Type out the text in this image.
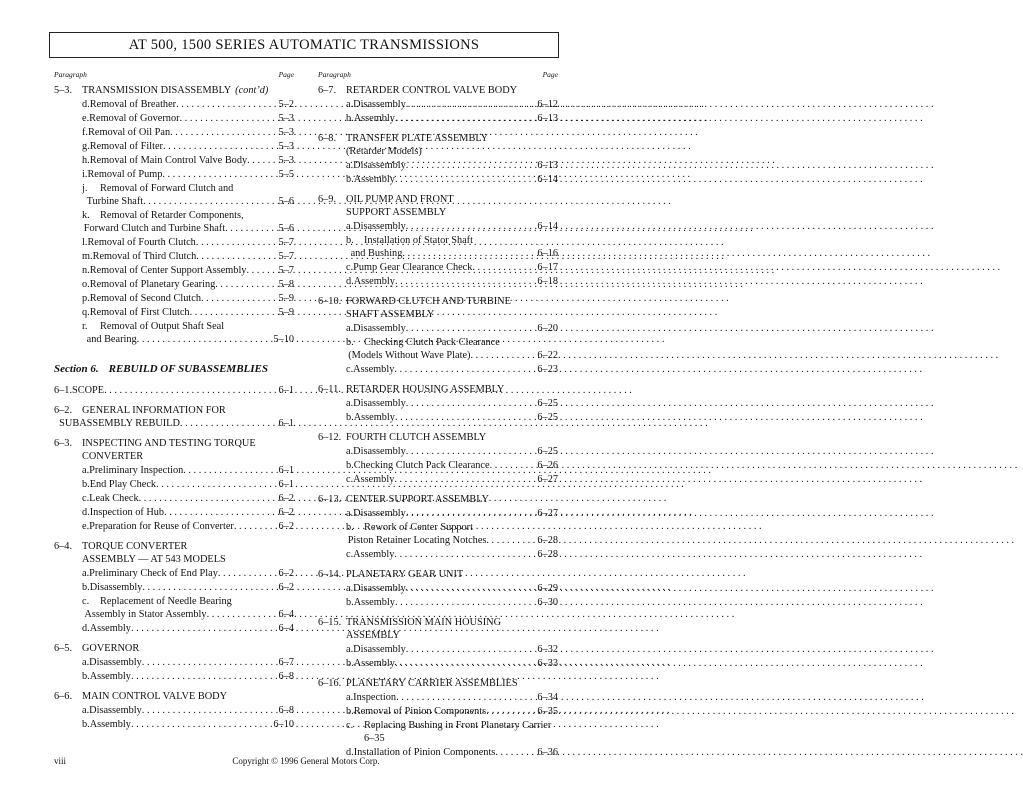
AT 500, 1500 SERIES AUTOMATIC TRANSMISSIONS
Paragraph	Page	Paragraph	Page
5–3. TRANSMISSION DISASSEMBLY (cont’d)
d. Removal of Breather . . .	5–2
e. Removal of Governor . . .	5–3
f. Removal of Oil Pan . . .	5–3
g. Removal of Filter . . .	5–3
h. Removal of Main Control Valve Body . . .	5–3
i. Removal of Pump . . .	5–5
j.	Removal of Forward Clutch and
Turbine Shaft . . .	5–6
k. Removal of Retarder Components,
Forward Clutch and Turbine Shaft . . .	5–6
l. Removal of Fourth Clutch . . .	5–7
m. Removal of Third Clutch . . .	5–7
n. Removal of Center Support Assembly . . .	5–7
o. Removal of Planetary Gearing . . .	5–8
p. Removal of Second Clutch . . .	5–9
q. Removal of First Clutch . . .	5–9
r.	Removal of Output Shaft Seal
and Bearing . . .	5–10
Section 6. REBUILD OF SUBASSEMBLIES
6–1. SCOPE . . .	6–1
6–2. GENERAL INFORMATION FOR
SUBASSEMBLY REBUILD . . .	6–1
6–3. INSPECTING AND TESTING TORQUE
CONVERTER
a. Preliminary Inspection . . .	6–1
b. End Play Check . . .	6–1
c. Leak Check . . .	6–2
d. Inspection of Hub . . .	6–2
e. Preparation for Reuse of Converter . . .	6–2
6–4. TORQUE CONVERTER
ASSEMBLY — AT 543 MODELS
a. Preliminary Check of End Play . . .	6–2
b. Disassembly . . .	6–2
c.	Replacement of Needle Bearing
Assembly in Stator Assembly . . .	6–4
d. Assembly . . .	6–4
6–5. GOVERNOR
a. Disassembly . . .	6–7
b. Assembly . . .	6–8
6–6. MAIN CONTROL VALVE BODY
a. Disassembly . . .	6–8
b. Assembly . . .	6–10
6–7. RETARDER CONTROL VALVE BODY
a. Disassembly . . .	6–12
b. Assembly . . .	6–13
6–8. TRANSFER PLATE ASSEMBLY
(Retarder Models)
a. Disassembly . . .	6–13
b. Assembly . . .	6–14
6–9. OIL PUMP AND FRONT
SUPPORT ASSEMBLY
a. Disassembly . . .	6–14
b. Installation of Stator Shaft
and Bushing . . .	6–16
c. Pump Gear Clearance Check . . .	6–17
d. Assembly . . .	6–18
6–10. FORWARD CLUTCH AND TURBINE
SHAFT ASSEMBLY
a. Disassembly . . .	6–20
b. Checking Clutch Pack Clearance
(Models Without Wave Plate) . . .	6–22
c. Assembly . . .	6–23
6–11. RETARDER HOUSING ASSEMBLY
a. Disassembly . . .	6–25
b. Assembly . . .	6–25
6–12. FOURTH CLUTCH ASSEMBLY
a. Disassembly . . .	6–25
b. Checking Clutch Pack Clearance . . .	6–26
c. Assembly . . .	6–27
6–13. CENTER SUPPORT ASSEMBLY
a. Disassembly . . .	6–27
b. Rework of Center Support
Piston Retainer Locating Notches . . .	6–28
c. Assembly . . .	6–28
6–14. PLANETARY GEAR UNIT
a. Disassembly . . .	6–29
b. Assembly . . .	6–30
6–15. TRANSMISSION MAIN HOUSING
ASSEMBLY
a. Disassembly . . .	6–32
b. Assembly . . .	6–33
6–16. PLANETARY CARRIER ASSEMBLIES
a. Inspection . . .	6–34
b. Removal of Pinion Components . . .	6–35
c.	Replacing Bushing in Front Planetary Carrier
6–35
d. Installation of Pinion Components . . .	6–36
viii	Copyright © 1996 General Motors Corp.
